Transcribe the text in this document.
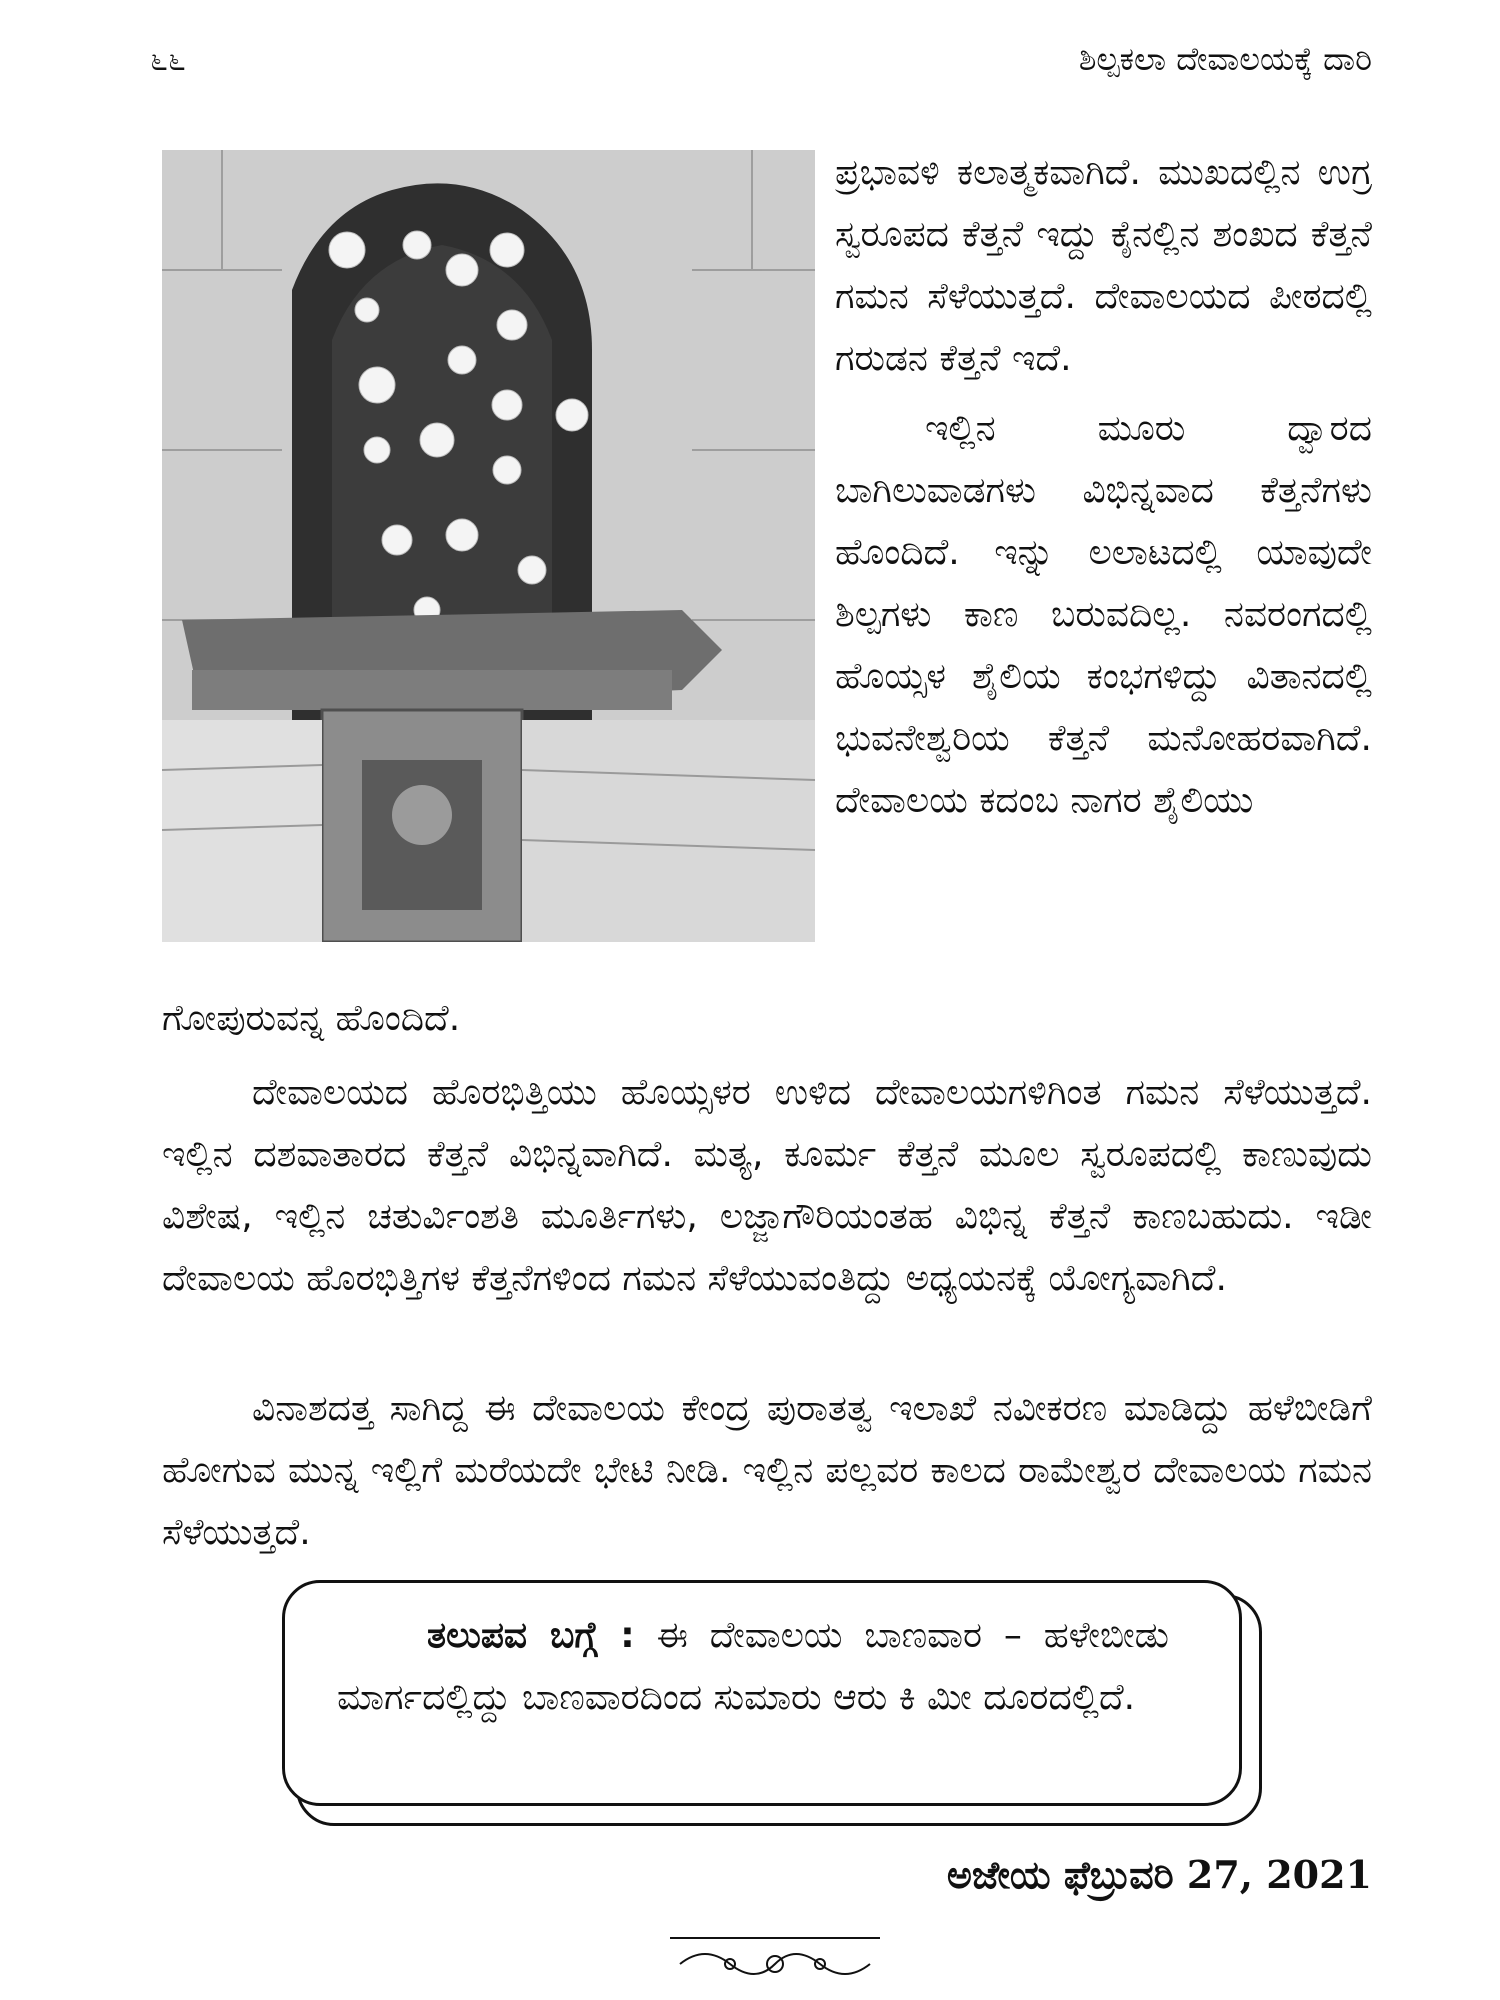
೬೬	ಶಿಲ್ಪಕಲಾ ದೇವಾಲಯಕ್ಕೆ ದಾರಿ

ಪ್ರಭಾವಳಿ ಕಲಾತ್ಮಕವಾಗಿದೆ. ಮುಖದಲ್ಲಿನ ಉಗ್ರ ಸ್ವರೂಪದ ಕೆತ್ತನೆ ಇದ್ದು ಕೈನಲ್ಲಿನ ಶಂಖದ ಕೆತ್ತನೆ ಗಮನ ಸೆಳೆಯುತ್ತದೆ. ದೇವಾಲಯದ ಪೀಠದಲ್ಲಿ ಗರುಡನ ಕೆತ್ತನೆ ಇದೆ.

ಇಲ್ಲಿನ ಮೂರು ದ್ವಾರದ ಬಾಗಿಲುವಾಡಗಳು ವಿಭಿನ್ನವಾದ ಕೆತ್ತನೆಗಳು ಹೊಂದಿದೆ. ಇನ್ನು ಲಲಾಟದಲ್ಲಿ ಯಾವುದೇ ಶಿಲ್ಪಗಳು ಕಾಣ ಬರುವದಿಲ್ಲ. ನವರಂಗದಲ್ಲಿ ಹೊಯ್ಸಳ ಶೈಲಿಯ ಕಂಭಗಳಿದ್ದು ವಿತಾನದಲ್ಲಿ ಭುವನೇಶ್ವರಿಯ ಕೆತ್ತನೆ ಮನೋಹರವಾಗಿದೆ. ದೇವಾಲಯ ಕದಂಬ ನಾಗರ ಶೈಲಿಯು

ಗೋಪುರುವನ್ನ ಹೊಂದಿದೆ.

ದೇವಾಲಯದ ಹೊರಭಿತ್ತಿಯು ಹೊಯ್ಸಳರ ಉಳಿದ ದೇವಾಲಯಗಳಿಗಿಂತ ಗಮನ ಸೆಳೆಯುತ್ತದೆ. ಇಲ್ಲಿನ ದಶವಾತಾರದ ಕೆತ್ತನೆ ವಿಭಿನ್ನವಾಗಿದೆ. ಮತ್ಯ, ಕೂರ್ಮ ಕೆತ್ತನೆ ಮೂಲ ಸ್ವರೂಪದಲ್ಲಿ ಕಾಣುವುದು ವಿಶೇಷ, ಇಲ್ಲಿನ ಚತುರ್ವಿಂಶತಿ ಮೂರ್ತಿಗಳು, ಲಜ್ಜಾಗೌರಿಯಂತಹ ವಿಭಿನ್ನ ಕೆತ್ತನೆ ಕಾಣಬಹುದು. ಇಡೀ ದೇವಾಲಯ ಹೊರಭಿತ್ತಿಗಳ ಕೆತ್ತನೆಗಳಿಂದ ಗಮನ ಸೆಳೆಯುವಂತಿದ್ದು ಅಧ್ಯಯನಕ್ಕೆ ಯೋಗ್ಯವಾಗಿದೆ.

ವಿನಾಶದತ್ತ ಸಾಗಿದ್ದ ಈ ದೇವಾಲಯ ಕೇಂದ್ರ ಪುರಾತತ್ವ ಇಲಾಖೆ ನವೀಕರಣ ಮಾಡಿದ್ದು ಹಳೆಬೀಡಿಗೆ ಹೋಗುವ ಮುನ್ನ ಇಲ್ಲಿಗೆ ಮರೆಯದೇ ಭೇಟಿ ನೀಡಿ. ಇಲ್ಲಿನ ಪಲ್ಲವರ ಕಾಲದ ರಾಮೇಶ್ವರ ದೇವಾಲಯ ಗಮನ ಸೆಳೆಯುತ್ತದೆ.

ತಲುಪವ ಬಗ್ಗೆ : ಈ ದೇವಾಲಯ ಬಾಣವಾರ – ಹಳೇಬೀಡು ಮಾರ್ಗದಲ್ಲಿದ್ದು ಬಾಣವಾರದಿಂದ ಸುಮಾರು ಆರು ಕಿ ಮೀ ದೂರದಲ್ಲಿದೆ.

ಅಜೇಯ ಫೆಬ್ರುವರಿ 27, 2021
